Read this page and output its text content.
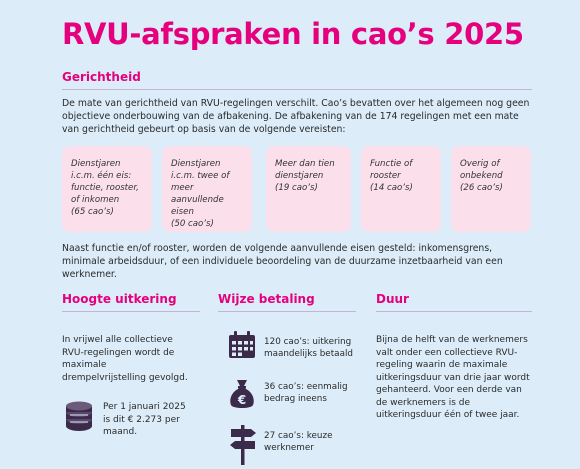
RVU-afspraken in cao’s 2025
Gerichtheid

De mate van gerichtheid van RVU-regelingen verschilt. Cao’s bevatten over het algemeen nog geen objectieve onderbouwing van de afbakening. De afbakening van de 174 regelingen met een mate van gerichtheid gebeurt op basis van de volgende vereisten:

Dienstjaren i.c.m. één eis: functie, rooster, of inkomen
(65 cao’s)
Dienstjaren i.c.m. twee of meer aanvullende eisen
(50 cao’s)
Meer dan tien dienstjaren
(19 cao’s)
Functie of rooster
(14 cao’s)
Overig of onbekend
(26 cao’s)

Naast functie en/of rooster, worden de volgende aanvullende eisen gesteld: inkomensgrens, minimale arbeidsduur, of een individuele beoordeling van de duurzame inzetbaarheid van een werknemer.

Hoogte uitkering

In vrijwel alle collectieve RVU-regelingen wordt de maximale drempelvrijstelling gevolgd.

Per 1 januari 2025 is dit € 2.273 per maand.

Wijze betaling
120 cao’s: uitkering maandelijks betaald
€
36 cao’s: eenmalig bedrag ineens
27 cao’s: keuze werknemer
Duur

Bijna de helft van de werknemers valt onder een collectieve RVU-regeling waarin de maximale uitkeringsduur van drie jaar wordt gehanteerd. Voor een derde van de werknemers is de uitkeringsduur één of twee jaar.
